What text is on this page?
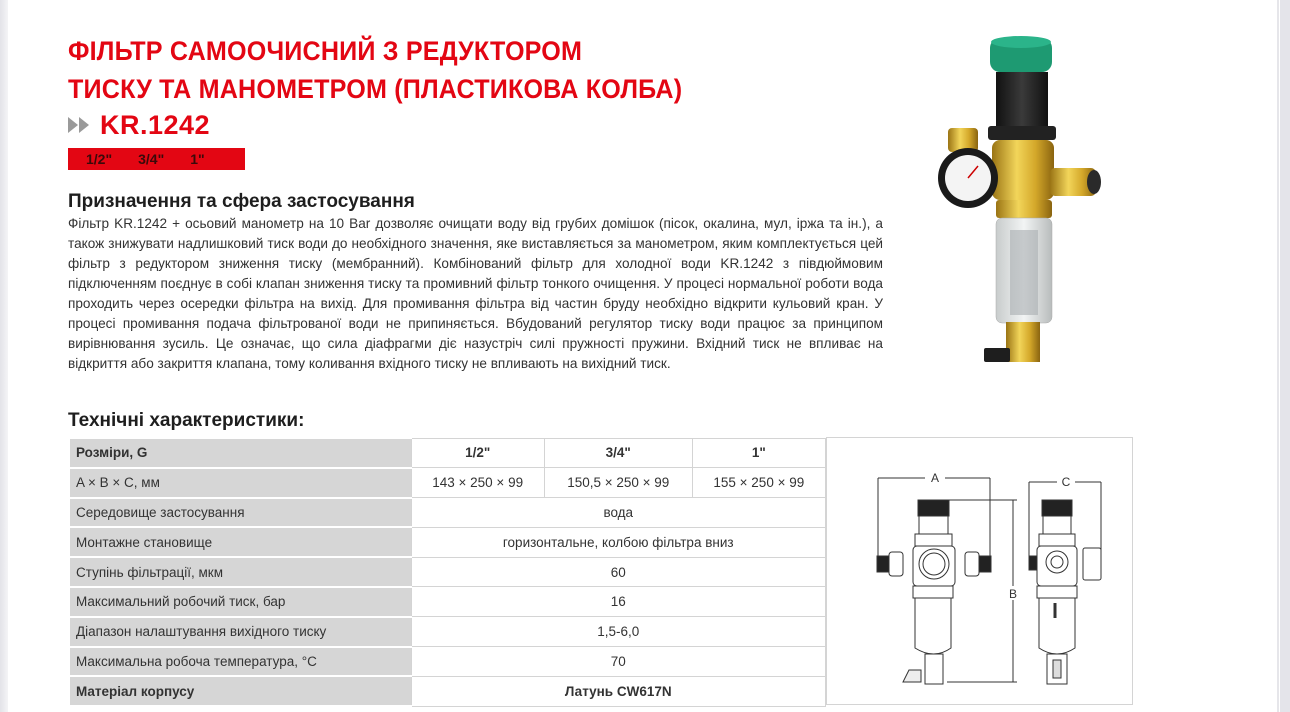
ФІЛЬТР САМООЧИСНИЙ З РЕДУКТОРОМ
ТИСКУ ТА МАНОМЕТРОМ (ПЛАСТИКОВА КОЛБА)
KR.1242
1/2" 3/4" 1"
Призначення та сфера застосування

Фільтр KR.1242 + осьовий манометр на 10 Bar дозволяє очищати воду від грубих домішок (пісок, окалина, мул, іржа та ін.), а також знижувати надлишковий тиск води до необхідного значення, яке виставляється за манометром, яким комплектується цей фільтр з редуктором зниження тиску (мембранний). Комбінований фільтр для холодної води KR.1242 з півдюймовим підключенням поєднує в собі клапан зниження тиску та промивний фільтр тонкого очищення. У процесі нормальної роботи вода проходить через осередки фільтра на вихід. Для промивання фільтра від частин бруду необхідно відкрити кульовий кран. У процесі промивання подача фільтрованої води не припиняється. Вбудований регулятор тиску води працює за принципом вирівнювання зусиль. Це означає, що сила діафрагми діє назустріч силі пружності пружини. Вхідний тиск не впливає на відкриття або закриття клапана, тому коливання вхідного тиску не впливають на вихідний тиск.

Технічні характеристики:
Розміри, G	1/2"	3/4"	1"
A × B × C, мм	143 × 250 × 99	150,5 × 250 × 99	155 × 250 × 99
Середовище застосування	вода		
Монтажне становище	горизонтальне, колбою фільтра вниз		
Ступінь фільтрації, мкм	60		
Максимальний робочий тиск, бар	16		
Діапазон налаштування вихідного тиску	1,5-6,0		
Максимальна робоча температура, °С	70		
Матеріал корпусу	Латунь CW617N		
A
B
C
